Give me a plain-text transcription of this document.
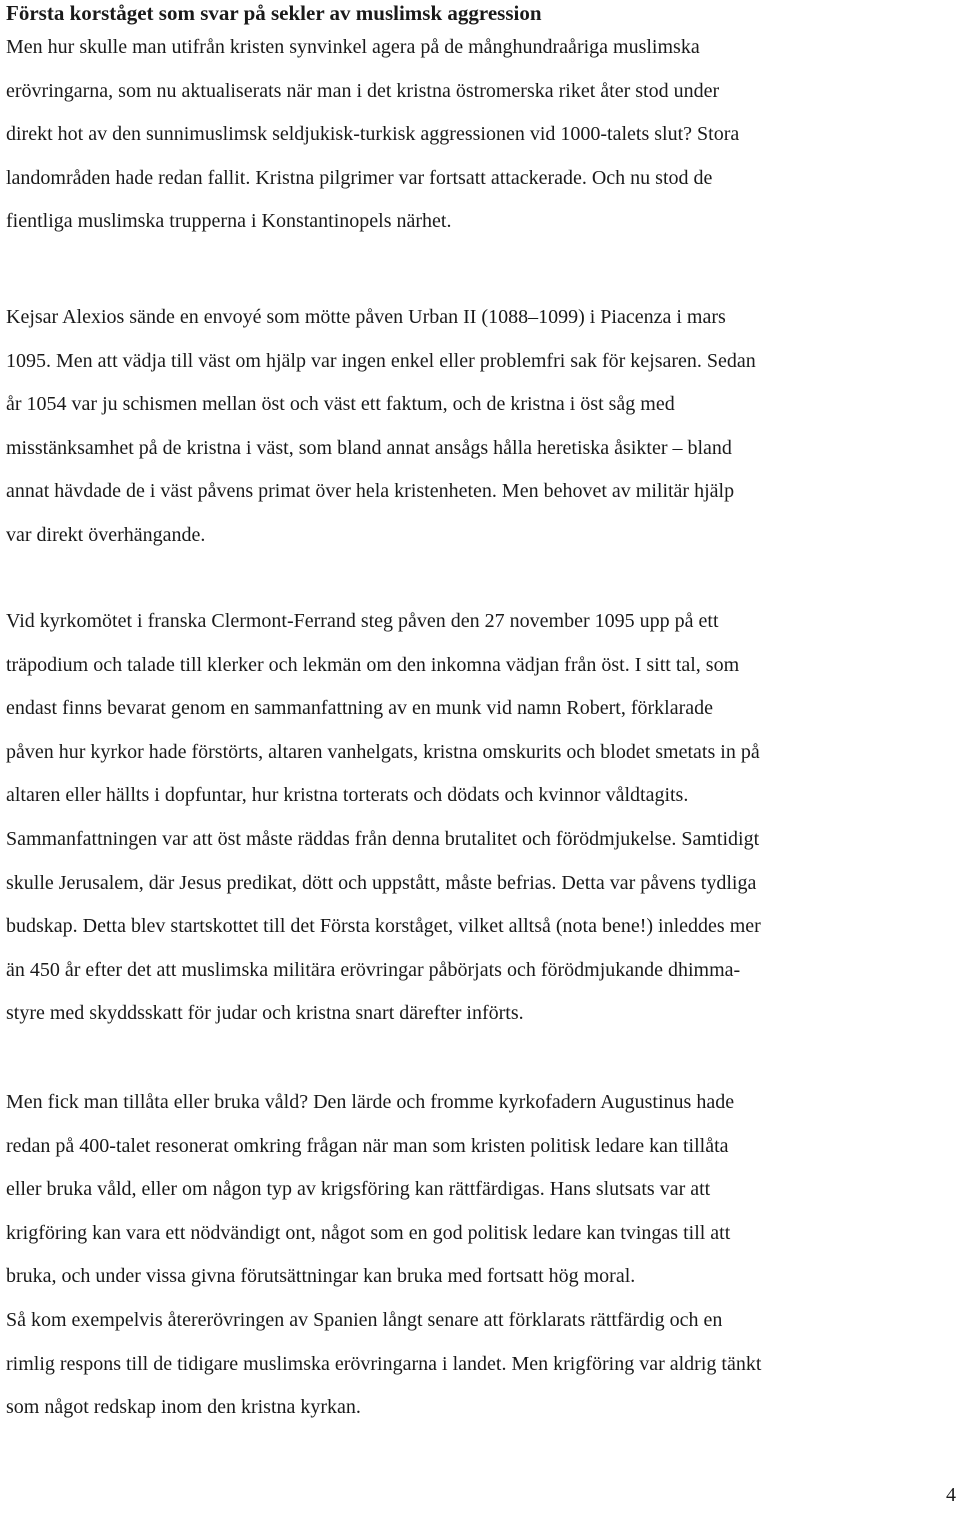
Första korståget som svar på sekler av muslimsk aggression

Men hur skulle man utifrån kristen synvinkel agera på de månghundraåriga muslimska
erövringarna, som nu aktualiserats när man i det kristna östromerska riket åter stod under
direkt hot av den sunnimuslimsk seldjukisk-turkisk aggressionen vid 1000-talets slut? Stora
landområden hade redan fallit. Kristna pilgrimer var fortsatt attackerade. Och nu stod de
fientliga muslimska trupperna i Konstantinopels närhet.

Kejsar Alexios sände en envoyé som mötte påven Urban II (1088–1099) i Piacenza i mars
1095. Men att vädja till väst om hjälp var ingen enkel eller problemfri sak för kejsaren. Sedan
år 1054 var ju schismen mellan öst och väst ett faktum, och de kristna i öst såg med
misstänksamhet på de kristna i väst, som bland annat ansågs hålla heretiska åsikter – bland
annat hävdade de i väst påvens primat över hela kristenheten. Men behovet av militär hjälp
var direkt överhängande.

Vid kyrkomötet i franska Clermont-Ferrand steg påven den 27 november 1095 upp på ett
träpodium och talade till klerker och lekmän om den inkomna vädjan från öst. I sitt tal, som
endast finns bevarat genom en sammanfattning av en munk vid namn Robert, förklarade
påven hur kyrkor hade förstörts, altaren vanhelgats, kristna omskurits och blodet smetats in på
altaren eller hällts i dopfuntar, hur kristna torterats och dödats och kvinnor våldtagits.
Sammanfattningen var att öst måste räddas från denna brutalitet och förödmjukelse. Samtidigt
skulle Jerusalem, där Jesus predikat, dött och uppstått, måste befrias. Detta var påvens tydliga
budskap. Detta blev startskottet till det Första korståget, vilket alltså (nota bene!) inleddes mer
än 450 år efter det att muslimska militära erövringar påbörjats och förödmjukande dhimma-
styre med skyddsskatt för judar och kristna snart därefter införts.

Men fick man tillåta eller bruka våld? Den lärde och fromme kyrkofadern Augustinus hade
redan på 400-talet resonerat omkring frågan när man som kristen politisk ledare kan tillåta
eller bruka våld, eller om någon typ av krigsföring kan rättfärdigas. Hans slutsats var att
krigföring kan vara ett nödvändigt ont, något som en god politisk ledare kan tvingas till att
bruka, och under vissa givna förutsättningar kan bruka med fortsatt hög moral.
Så kom exempelvis återerövringen av Spanien långt senare att förklarats rättfärdig och en
rimlig respons till de tidigare muslimska erövringarna i landet. Men krigföring var aldrig tänkt
som något redskap inom den kristna kyrkan.

4
